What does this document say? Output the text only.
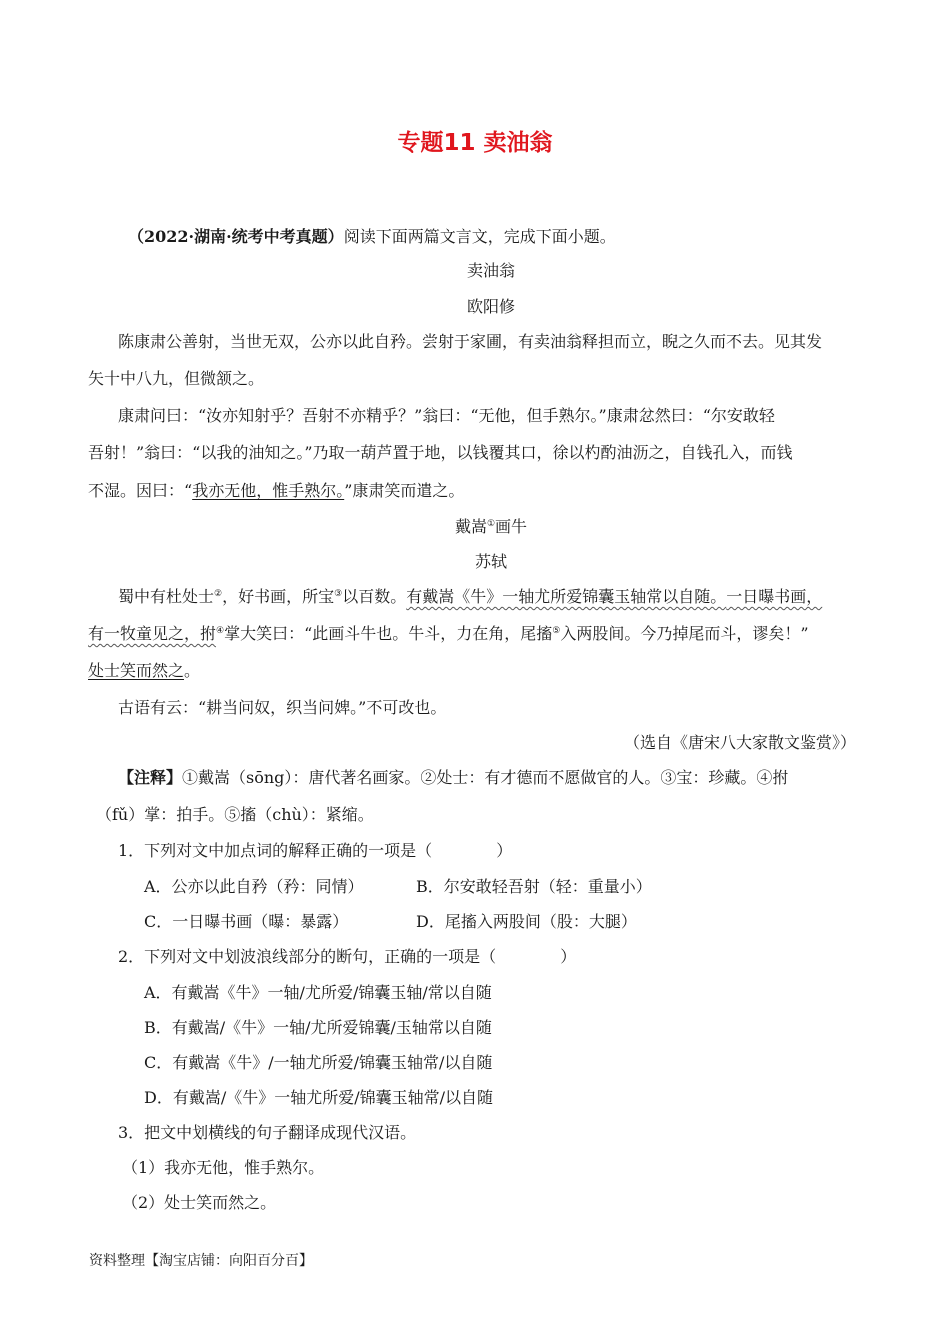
专题11 卖油翁
（2022·湖南·统考中考真题）阅读下面两篇文言文，完成下面小题。
卖油翁
欧阳修
陈康肃公善射，当世无双，公亦以此自矜。尝射于家圃，有卖油翁释担而立，睨之久而不去。见其发
矢十中八九，但微颔之。
康肃问曰：“汝亦知射乎？吾射不亦精乎？”翁曰：“无他，但手熟尔。”康肃忿然曰：“尔安敢轻
吾射！”翁曰：“以我的油知之。”乃取一葫芦置于地，以钱覆其口，徐以杓酌油沥之，自钱孔入，而钱
不湿。因曰：“我亦无他，惟手熟尔。”康肃笑而遣之。
戴嵩①画牛
苏轼
蜀中有杜处士②，好书画，所宝③以百数。有戴嵩《牛》一轴尤所爱锦囊玉轴常以自随。一日曝书画，
有一牧童见之，拊④掌大笑曰：“此画斗牛也。牛斗，力在角，尾搐⑤入两股间。今乃掉尾而斗，谬矣！”
处士笑而然之。
古语有云：“耕当问奴，织当问婢。”不可改也。
（选自《唐宋八大家散文鉴赏》）
【注释】①戴嵩（sōng）：唐代著名画家。②处士：有才德而不愿做官的人。③宝：珍藏。④拊
（fǔ）掌：拍手。⑤搐（chù）：紧缩。
1．下列对文中加点词的解释正确的一项是（	）
A．公亦以此自矜（矜：同情）	B．尔安敢轻吾射（轻：重量小）
C．一日曝书画（曝：暴露）	D．尾搐入两股间（股：大腿）
2．下列对文中划波浪线部分的断句，正确的一项是（	）
A．有戴嵩《牛》一轴/尤所爱/锦囊玉轴/常以自随
B．有戴嵩/《牛》一轴/尤所爱锦囊/玉轴常以自随
C．有戴嵩《牛》/一轴尤所爱/锦囊玉轴常/以自随
D．有戴嵩/《牛》一轴尤所爱/锦囊玉轴常/以自随
3．把文中划横线的句子翻译成现代汉语。
（1）我亦无他，惟手熟尔。
（2）处士笑而然之。
资料整理【淘宝店铺：向阳百分百】
